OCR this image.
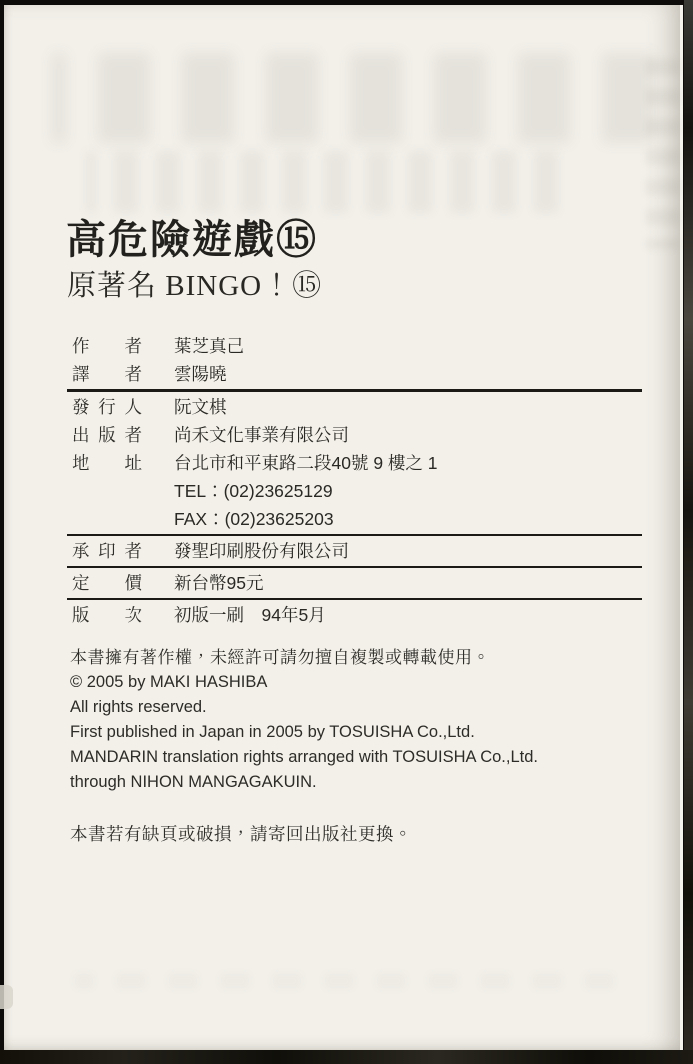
高危險遊戲⑮
原著名 BINGO！⑮
作者 葉芝真己
譯者 雲陽曉
發行人 阮文棋
出版者 尚禾文化事業有限公司
地址 台北市和平東路二段40號 9 樓之 1
TEL：(02)23625129
FAX：(02)23625203
承印者 發聖印刷股份有限公司
定價 新台幣95元
版次 初版一刷　94年5月
本書擁有著作權，未經許可請勿擅自複製或轉載使用。
© 2005 by MAKI HASHIBA
All rights reserved.
First published in Japan in 2005 by TOSUISHA Co.,Ltd.
MANDARIN translation rights arranged with TOSUISHA Co.,Ltd.
through NIHON MANGAGAKUIN.
本書若有缺頁或破損，請寄回出版社更換。
